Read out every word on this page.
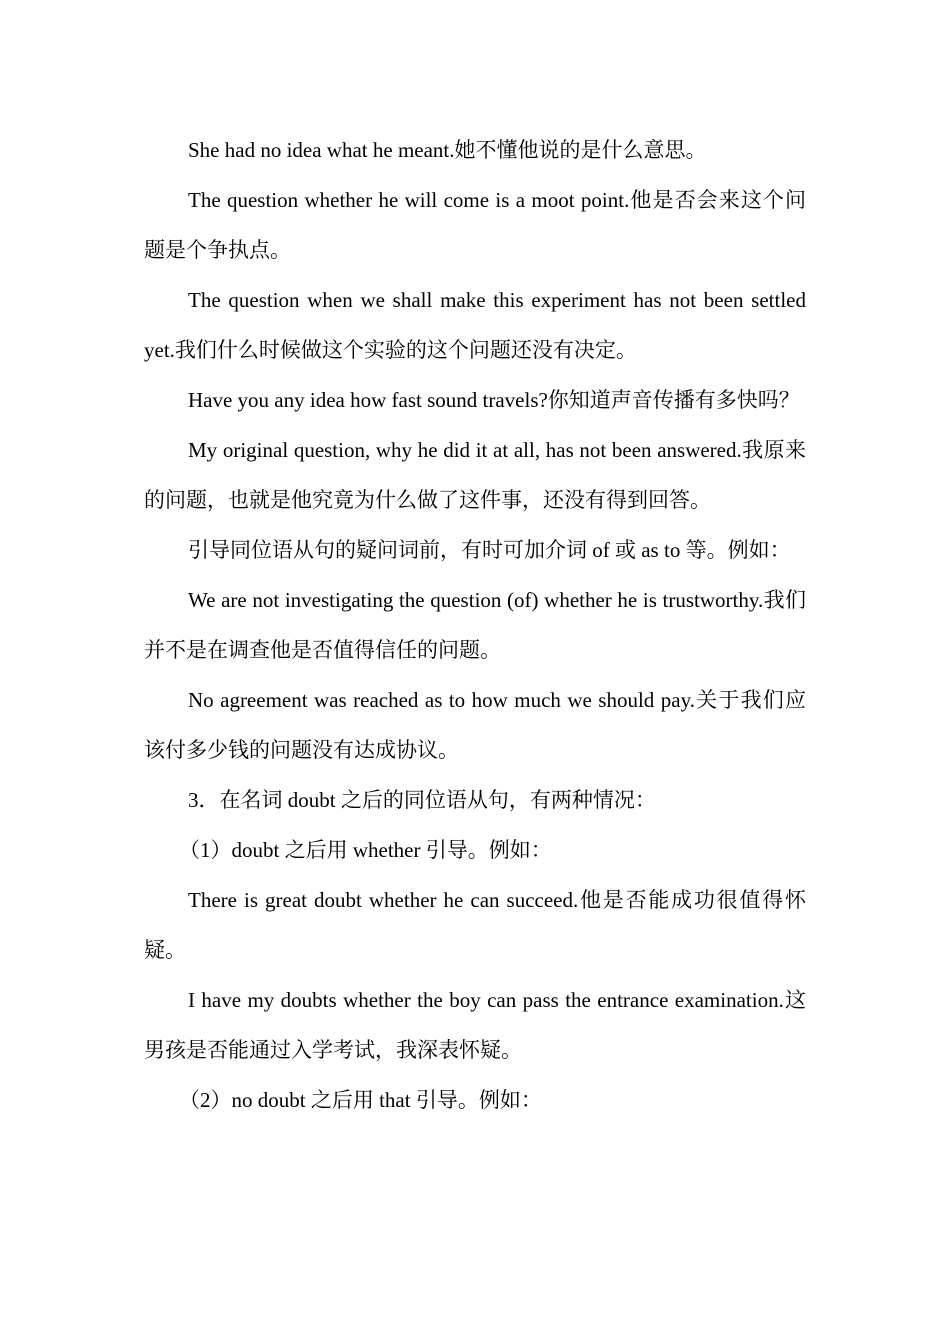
She had no idea what he meant.她不懂他说的是什么意思。

The question whether he will come is a moot point.他是否会来这个问题是个争执点。

The question when we shall make this experiment has not been settled yet.我们什么时候做这个实验的这个问题还没有决定。

Have you any idea how fast sound travels?你知道声音传播有多快吗？

My original question, why he did it at all, has not been answered.我原来的问题，也就是他究竟为什么做了这件事，还没有得到回答。

引导同位语从句的疑问词前，有时可加介词 of 或 as to 等。例如：

We are not investigating the question (of) whether he is trustworthy.我们并不是在调查他是否值得信任的问题。

No agreement was reached as to how much we should pay.关于我们应该付多少钱的问题没有达成协议。

3．在名词 doubt 之后的同位语从句，有两种情况：

（1）doubt 之后用 whether 引导。例如：

There is great doubt whether he can succeed.他是否能成功很值得怀疑。

I have my doubts whether the boy can pass the entrance examination.这男孩是否能通过入学考试，我深表怀疑。

（2）no doubt 之后用 that 引导。例如：
